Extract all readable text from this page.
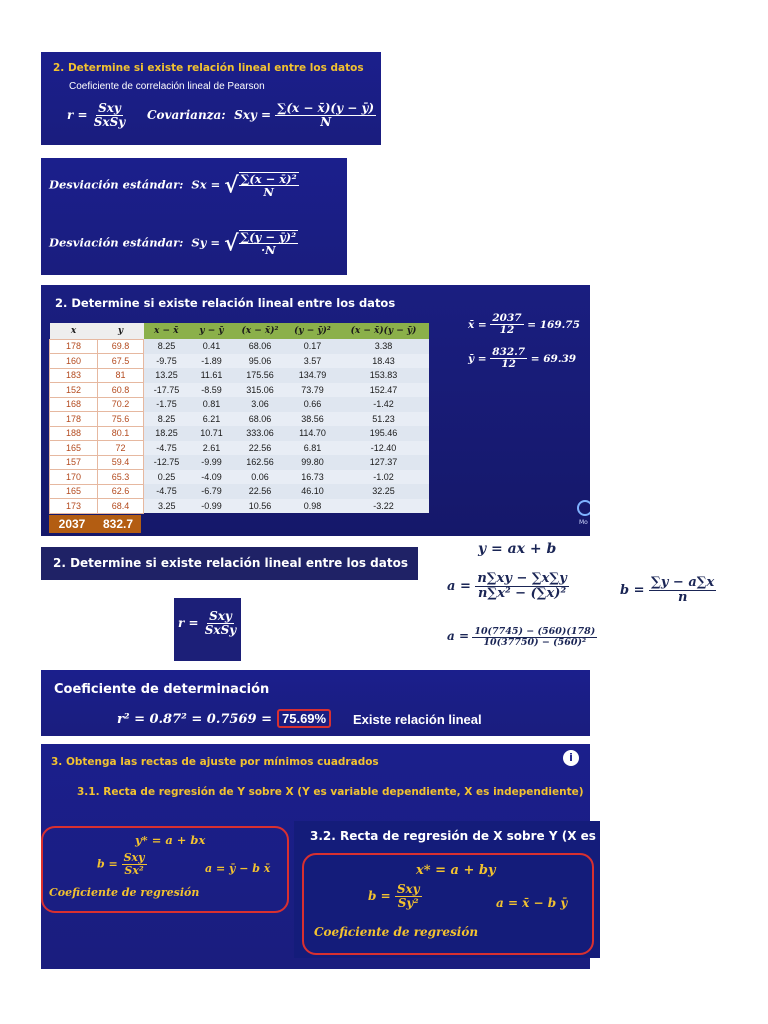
2. Determine si existe relación lineal entre los datos
Coeficiente de correlación lineal de Pearson
$r = \frac{\text{Sxy}}{\text{SxSy}}$ Covarianza: Sxy = $\frac{\sum(x - x̄)(y - ȳ)}{N}$
Desviación estándar: Sx = √ $\frac{\text{∑(x − x̄)²}}{N}$
Desviación estándar: Sy = √ $\frac{\text{∑(y − ȳ)²}}{\cdot N}$
2. Determine si existe relación lineal entre los datos
x	y	x − x̄	y − ȳ	(x − x̄)²	(y − ȳ)²	(x − x̄)(y − ȳ)
178	69.8	8.25	0.41	68.06	0.17	3.38
160	67.5	-9.75	-1.89	95.06	3.57	18.43
183	81	13.25	11.61	175.56	134.79	153.83
152	60.8	-17.75	-8.59	315.06	73.79	152.47
168	70.2	-1.75	0.81	3.06	0.66	-1.42
178	75.6	8.25	6.21	68.06	38.56	51.23
188	80.1	18.25	10.71	333.06	114.70	195.46
165	72	-4.75	2.61	22.56	6.81	-12.40
157	59.4	-12.75	-9.99	162.56	99.80	127.37
170	65.3	0.25	-4.09	0.06	16.73	-1.02
165	62.6	-4.75	-6.79	22.56	46.10	32.25
173	68.4	3.25	-0.99	10.56	0.98	-3.22
2037	832.7
x̄ = $\frac{2037}{12} = 169.75$
ȳ = $\frac{832.7}{12} = 69.39$
Mo
2. Determine si existe relación lineal entre los datos
$r = \frac{\text{Sxy}}{\text{SxSy}}$
y = ax + b
$a = \frac{n\sum xy - \sum x\sum y}{\text{n∑x² − (∑x)²}}$	$b = \frac{\sum y - a\sum x}{n}$
$a = \frac{10(7745) - (560)(178)}{\text{10(37750) − (560)²}}$
Coeficiente de determinación
r² = 0.87² = 0.7569 = 75.69%	Existe relación lineal
3. Obtenga las rectas de ajuste por mínimos cuadrados	i
3.1. Recta de regresión de Y sobre X (Y es variable dependiente, X es independiente)
y* = a + bx
$b = \frac{\text{Sxy}}{\text{Sx²}}$	a = ȳ − b x̄
Coeficiente de regresión
3.2. Recta de regresión de X sobre Y (X es v
x* = a + by
$b = \frac{\text{Sxy}}{\text{Sy²}}$	a = x̄ − b ȳ
Coeficiente de regresión
